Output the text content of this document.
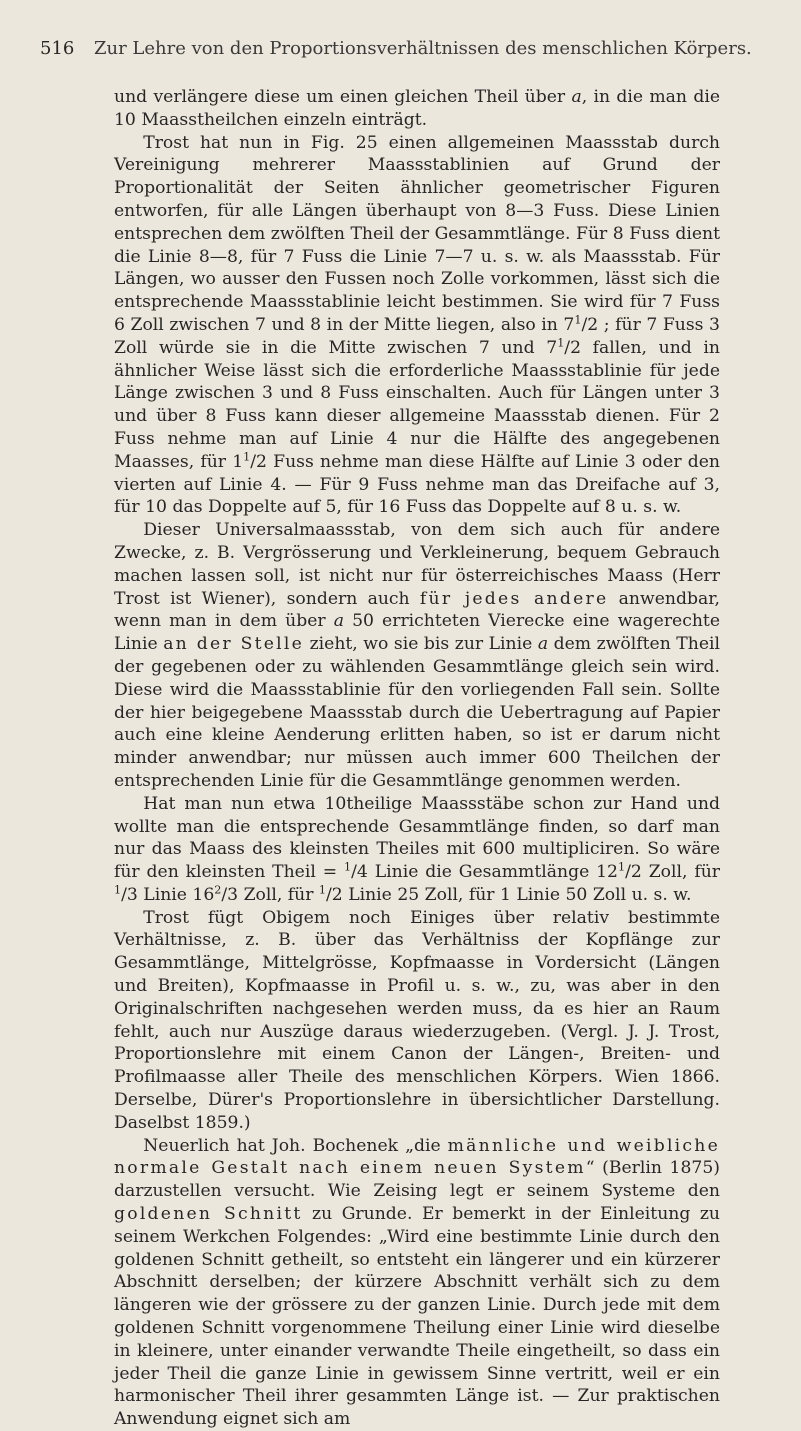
516 Zur Lehre von den Proportionsverhältnissen des menschlichen Körpers.

und verlängere diese um einen gleichen Theil über a, in die man die 10 Maasstheilchen einzeln einträgt.

Trost hat nun in Fig. 25 einen allgemeinen Maassstab durch Vereinigung mehrerer Maassstablinien auf Grund der Proportionalität der Seiten ähnlicher geometrischer Figuren entworfen, für alle Längen überhaupt von 8—3 Fuss. Diese Linien entsprechen dem zwölften Theil der Gesammtlänge. Für 8 Fuss dient die Linie 8—8, für 7 Fuss die Linie 7—7 u. s. w. als Maassstab. Für Längen, wo ausser den Fussen noch Zolle vorkommen, lässt sich die entsprechende Maassstablinie leicht bestimmen. Sie wird für 7 Fuss 6 Zoll zwischen 7 und 8 in der Mitte liegen, also in $7^1/2$ ; für 7 Fuss 3 Zoll würde sie in die Mitte zwischen 7 und $7^1/2$ fallen, und in ähnlicher Weise lässt sich die erforderliche Maassstablinie für jede Länge zwischen 3 und 8 Fuss einschalten. Auch für Längen unter 3 und über 8 Fuss kann dieser allgemeine Maassstab dienen. Für 2 Fuss nehme man auf Linie 4 nur die Hälfte des angegebenen Maasses, für $1^1/2$ Fuss nehme man diese Hälfte auf Linie 3 oder den vierten auf Linie 4. — Für 9 Fuss nehme man das Dreifache auf 3, für 10 das Doppelte auf 5, für 16 Fuss das Doppelte auf 8 u. s. w.

Dieser Universalmaassstab, von dem sich auch für andere Zwecke, z. B. Vergrösserung und Verkleinerung, bequem Gebrauch machen lassen soll, ist nicht nur für österreichisches Maass (Herr Trost ist Wiener), sondern auch für jedes andere anwendbar, wenn man in dem über a 50 errichteten Vierecke eine wagerechte Linie an der Stelle zieht, wo sie bis zur Linie a dem zwölften Theil der gegebenen oder zu wählenden Gesammtlänge gleich sein wird. Diese wird die Maassstablinie für den vorliegenden Fall sein. Sollte der hier beigegebene Maassstab durch die Uebertragung auf Papier auch eine kleine Aenderung erlitten haben, so ist er darum nicht minder anwendbar; nur müssen auch immer 600 Theilchen der entsprechenden Linie für die Gesammtlänge genommen werden.

Hat man nun etwa 10theilige Maassstäbe schon zur Hand und wollte man die entsprechende Gesammtlänge finden, so darf man nur das Maass des kleinsten Theiles mit 600 multipliciren. So wäre für den kleinsten Theil = $^1$/4 Linie die Gesammtlänge $12^1/2$ Zoll, für $^1$/3 Linie $16^2/3$ Zoll, für $^1$/2 Linie 25 Zoll, für 1 Linie 50 Zoll u. s. w.

Trost fügt Obigem noch Einiges über relativ bestimmte Verhältnisse, z. B. über das Verhältniss der Kopflänge zur Gesammtlänge, Mittelgrösse, Kopfmaasse in Vordersicht (Längen und Breiten), Kopfmaasse in Profil u. s. w., zu, was aber in den Originalschriften nachgesehen werden muss, da es hier an Raum fehlt, auch nur Auszüge daraus wiederzugeben. (Vergl. J. J. Trost, Proportionslehre mit einem Canon der Längen-, Breiten- und Profilmaasse aller Theile des menschlichen Körpers. Wien 1866. Derselbe, Dürer's Proportionslehre in übersichtlicher Darstellung. Daselbst 1859.)

Neuerlich hat Joh. Bochenek „die männliche und weibliche normale Gestalt nach einem neuen System“ (Berlin 1875) darzustellen versucht. Wie Zeising legt er seinem Systeme den goldenen Schnitt zu Grunde. Er bemerkt in der Einleitung zu seinem Werkchen Folgendes: „Wird eine bestimmte Linie durch den goldenen Schnitt getheilt, so entsteht ein längerer und ein kürzerer Abschnitt derselben; der kürzere Abschnitt verhält sich zu dem längeren wie der grössere zu der ganzen Linie. Durch jede mit dem goldenen Schnitt vorgenommene Theilung einer Linie wird dieselbe in kleinere, unter einander verwandte Theile eingetheilt, so dass ein jeder Theil die ganze Linie in gewissem Sinne vertritt, weil er ein harmonischer Theil ihrer gesammten Länge ist. — Zur praktischen Anwendung eignet sich am
